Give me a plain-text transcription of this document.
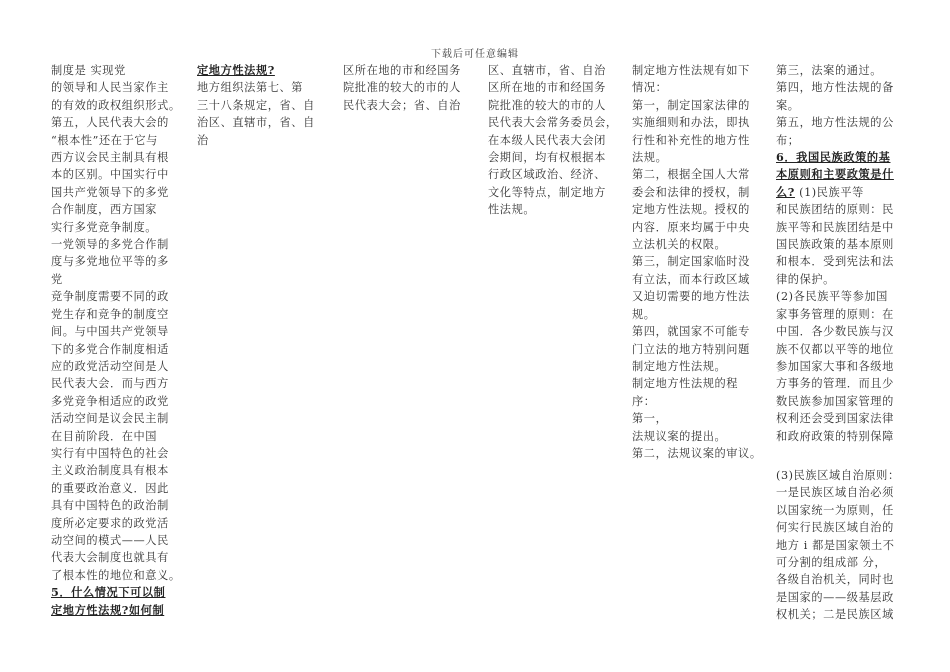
下载后可任意编辑

制度是 实现党

的领导和人民当家作主

的有效的政权组织形式。

第五，人民代表大会的

“根本性”还在于它与

西方议会民主制具有根

本的区别。中国实行中

国共产党领导下的多党

合作制度，西方国家

实行多党竞争制度。

一党领导的多党合作制

度与多党地位平等的多

党

竞争制度需要不同的政

党生存和竞争的制度空

间。与中国共产党领导

下的多党合作制度相适

应的政党活动空间是人

民代表大会．而与西方

多党竞争相适应的政党

活动空间是议会民主制

在目前阶段．在中国

实行有中国特色的社会

主义政治制度具有根本

的重要政治意义．因此

具有中国特色的政治制

度所必定要求的政党活

动空间的模式——人民

代表大会制度也就具有

了根本性的地位和意义。

5．什么情况下可以制

定地方性法规?如何制

定地方性法规?

地方组织法第七、第

三十八条规定，省、自

治区、直辖市，省、自

治

区所在地的市和经国务

院批准的较大的市的人

民代表大会；省、自治

区、直辖市，省、自治

区所在地的市和经国务

院批准的较大的市的人

民代表大会常务委员会，

在本级人民代表大会闭

会期间，均有权根据本

行政区域政治、经济、

文化等特点，制定地方

性法规。

制定地方性法规有如下

情况：

第一，制定国家法律的

实施细则和办法，即执

行性和补充性的地方性

法规。

第二，根据全国人大常

委会和法律的授权，制

定地方性法规。授权的

内容．原来均属于中央

立法机关的权限。

第三，制定国家临时没

有立法，而本行政区域

又迫切需要的地方性法

规。

第四，就国家不可能专

门立法的地方特别问题

制定地方性法规。

制定地方性法规的程

序：

第一，

法规议案的提出。

第二，法规议案的审议。

第三，法案的通过。

第四，地方性法规的备

案。

第五，地方性法规的公

布；

6．我国民族政策的基

本原则和主要政策是什

么? (1)民族平等

和民族团结的原则：民

族平等和民族团结是中

国民族政策的基本原则

和根本．受到宪法和法

律的保护。

(2)各民族平等参加国

家事务管理的原则：在

中国．各少数民族与汉

族不仅都以平等的地位

参加国家大事和各级地

方事务的管理．而且少

数民族参加国家管理的

权利还会受到国家法律

和政府政策的特别保障

(3)民族区域自治原则：

一是民族区域自治必须

以国家统一为原则，任

何实行民族区域自治的

地方 i 都是国家领土不

可分割的组成部 分，

各级自治机关，同时也

是国家的——级基层政

权机关；二是民族区域
